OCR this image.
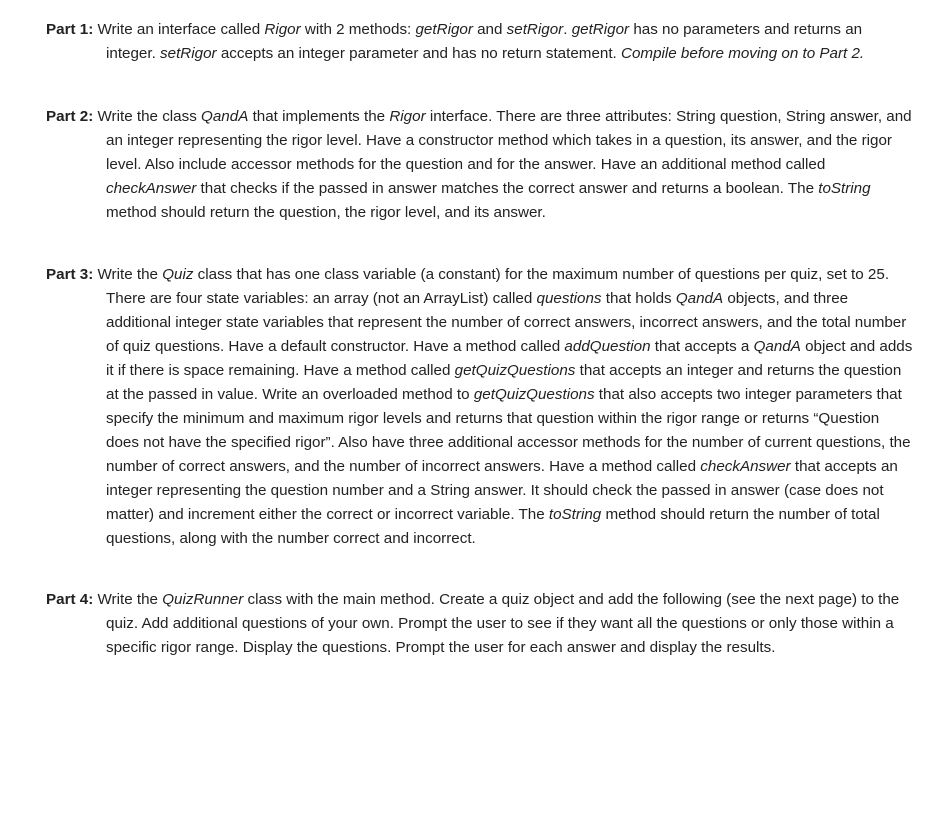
Part 1: Write an interface called Rigor with 2 methods: getRigor and setRigor. getRigor has no parameters and returns an integer. setRigor accepts an integer parameter and has no return statement. Compile before moving on to Part 2.

Part 2: Write the class QandA that implements the Rigor interface. There are three attributes: String question, String answer, and an integer representing the rigor level. Have a constructor method which takes in a question, its answer, and the rigor level. Also include accessor methods for the question and for the answer. Have an additional method called checkAnswer that checks if the passed in answer matches the correct answer and returns a boolean. The toString method should return the question, the rigor level, and its answer.

Part 3: Write the Quiz class that has one class variable (a constant) for the maximum number of questions per quiz, set to 25. There are four state variables: an array (not an ArrayList) called questions that holds QandA objects, and three additional integer state variables that represent the number of correct answers, incorrect answers, and the total number of quiz questions. Have a default constructor. Have a method called addQuestion that accepts a QandA object and adds it if there is space remaining. Have a method called getQuizQuestions that accepts an integer and returns the question at the passed in value. Write an overloaded method to getQuizQuestions that also accepts two integer parameters that specify the minimum and maximum rigor levels and returns that question within the rigor range or returns “Question does not have the specified rigor”. Also have three additional accessor methods for the number of current questions, the number of correct answers, and the number of incorrect answers. Have a method called checkAnswer that accepts an integer representing the question number and a String answer. It should check the passed in answer (case does not matter) and increment either the correct or incorrect variable. The toString method should return the number of total questions, along with the number correct and incorrect.

Part 4: Write the QuizRunner class with the main method. Create a quiz object and add the following (see the next page) to the quiz. Add additional questions of your own. Prompt the user to see if they want all the questions or only those within a specific rigor range. Display the questions. Prompt the user for each answer and display the results.
